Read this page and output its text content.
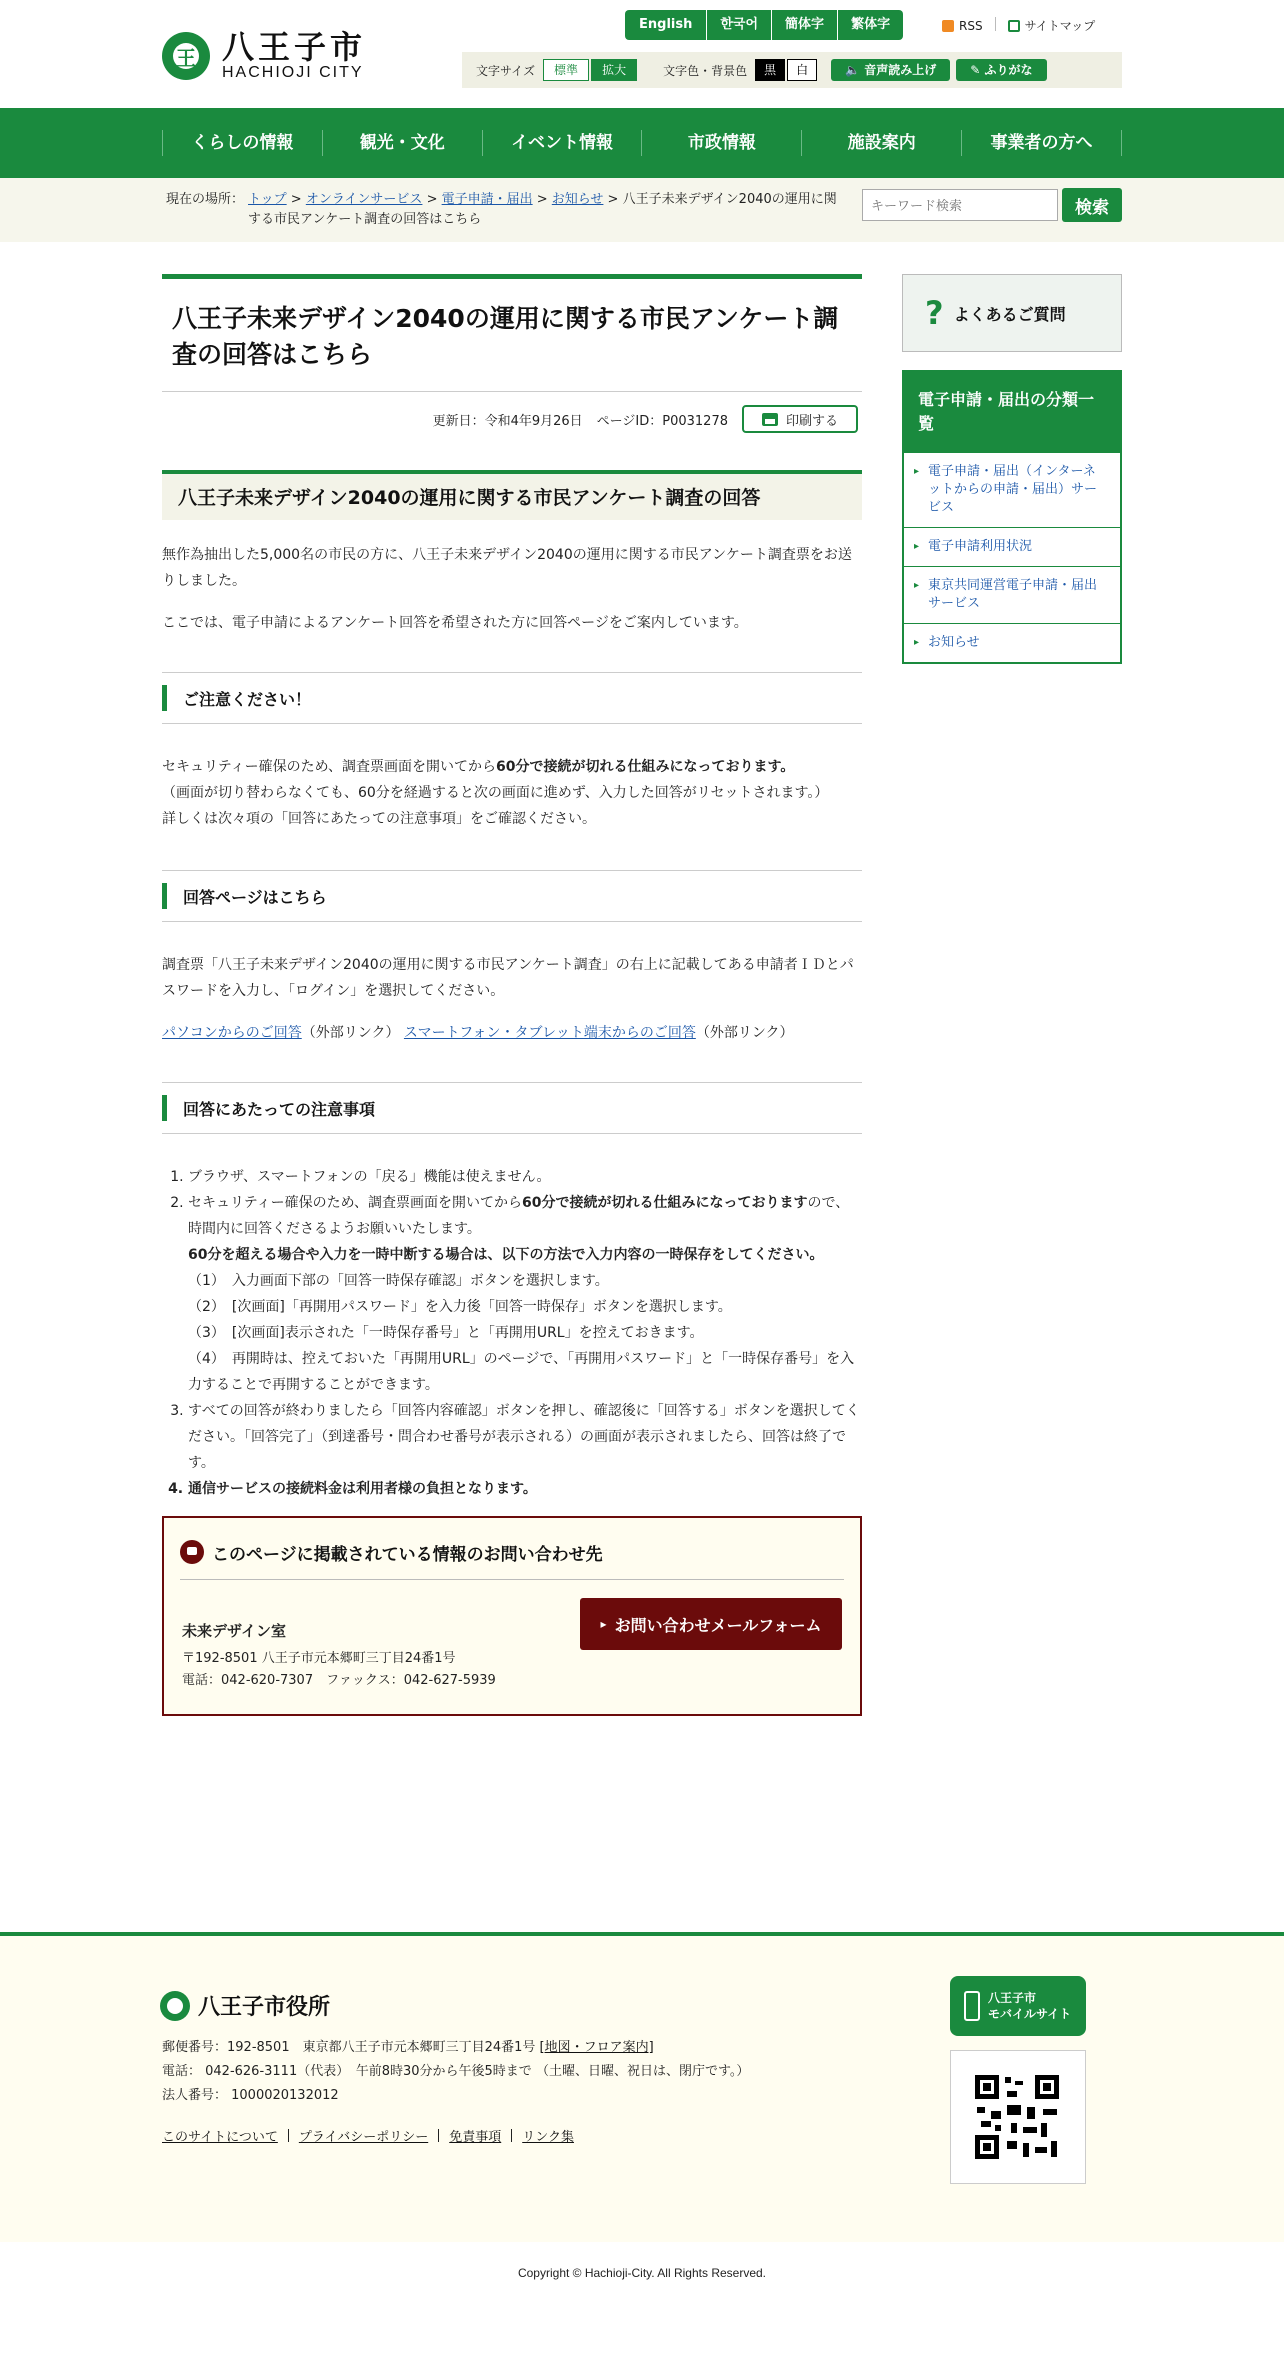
王
八王子市
HACHIOJI CITY
English	한국어	簡体字	繁体字	RSS	サイトマップ
文字サイズ	標準	拡大	文字色・背景色	黒	白	🔈 音声読み上げ	✎ ふりがな
くらしの情報	観光・文化	イベント情報	市政情報	施設案内	事業者の方へ
現在の場所： トップ > オンラインサービス > 電子申請・届出 > お知らせ > 八王子未来デザイン2040の運用に関する市民アンケート調査の回答はこちら
キーワード検索
検索
八王子未来デザイン2040の運用に関する市民アンケート調査の回答はこちら
更新日：令和4年9月26日 ページID：P0031278	印刷する
八王子未来デザイン2040の運用に関する市民アンケート調査の回答

無作為抽出した5,000名の市民の方に、八王子未来デザイン2040の運用に関する市民アンケート調査票をお送りしました。

ここでは、電子申請によるアンケート回答を希望された方に回答ページをご案内しています。

ご注意ください！

セキュリティー確保のため、調査票画面を開いてから60分で接続が切れる仕組みになっております。
（画面が切り替わらなくても、60分を経過すると次の画面に進めず、入力した回答がリセットされます。）
詳しくは次々項の「回答にあたっての注意事項」をご確認ください。

回答ページはこちら

調査票「八王子未来デザイン2040の運用に関する市民アンケート調査」の右上に記載してある申請者ＩＤとパスワードを入力し、「ログイン」を選択してください。

パソコンからのご回答（外部リンク） スマートフォン・タブレット端末からのご回答（外部リンク）

回答にあたっての注意事項
1. ブラウザ、スマートフォンの「戻る」機能は使えません。
2. セキュリティー確保のため、調査票画面を開いてから60分で接続が切れる仕組みになっておりますので、時間内に回答くださるようお願いいたします。
60分を超える場合や入力を一時中断する場合は、以下の方法で入力内容の一時保存をしてください。
（1）　入力画面下部の「回答一時保存確認」ボタンを選択します。
（2）　[次画面]「再開用パスワード」を入力後「回答一時保存」ボタンを選択します。
（3）　[次画面]表示された「一時保存番号」と「再開用URL」を控えておきます。
（4）　再開時は、控えておいた「再開用URL」のページで、「再開用パスワード」と「一時保存番号」を入力することで再開することができます。
3. すべての回答が終わりましたら「回答内容確認」ボタンを押し、確認後に「回答する」ボタンを選択してください。「回答完了」（到達番号・問合わせ番号が表示される）の画面が表示されましたら、回答は終了です。
4. 通信サービスの接続料金は利用者様の負担となります。
このページに掲載されている情報のお問い合わせ先
未来デザイン室
〒192-8501 八王子市元本郷町三丁目24番1号
電話：042-620-7307　ファックス：042-627-5939
▸ お問い合わせメールフォーム
? よくあるご質問
電子申請・届出の分類一覧
▸ 電子申請・届出（インターネットからの申請・届出）サービス
▸ 電子申請利用状況
▸ 東京共同運営電子申請・届出サービス
▸ お知らせ
八王子市役所
郵便番号：192-8501　東京都八王子市元本郷町三丁目24番1号 [地図・フロア案内]
電話： 042-626-3111（代表）　午前8時30分から午後5時まで （土曜、日曜、祝日は、閉庁です。）
法人番号： 1000020132012
このサイトについて プライバシーポリシー 免責事項 リンク集
八王子市
モバイルサイト
Copyright © Hachioji-City. All Rights Reserved.
